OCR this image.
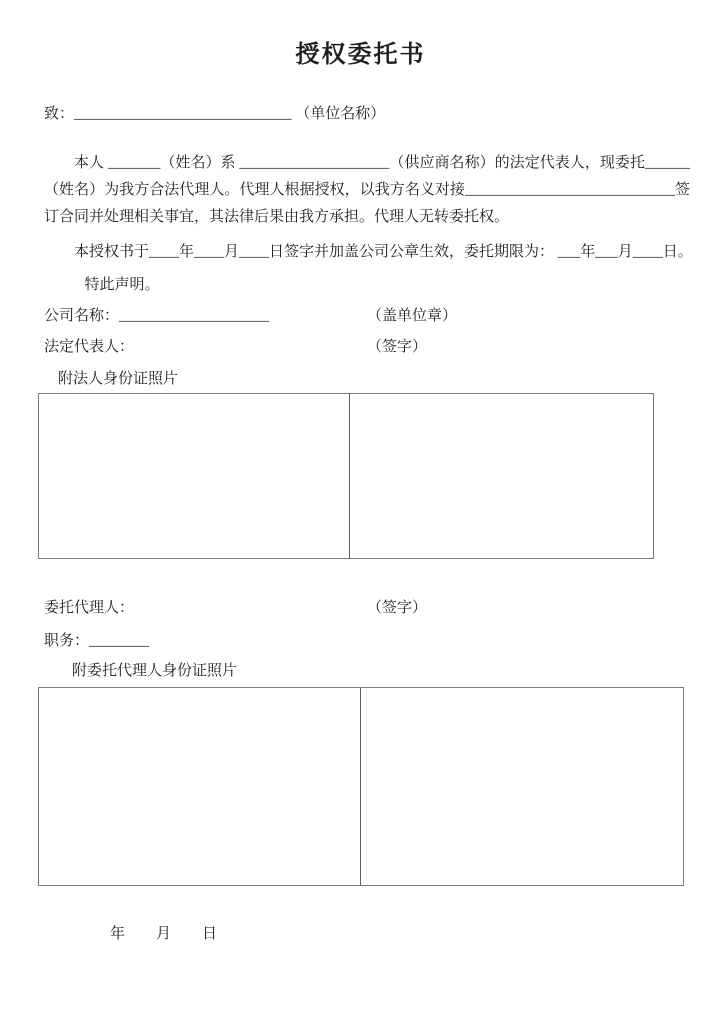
授权委托书

致：_____________________________ （单位名称）

本人 _______（姓名）系 ____________________（供应商名称）的法定代表人，现委托______（姓名）为我方合法代理人。代理人根据授权，以我方名义对接____________________________签订合同并处理相关事宜，其法律后果由我方承担。代理人无转委托权。

本授权书于____年____月____日签字并加盖公司公章生效，委托期限为： ___年___月____日。

特此声明。

公司名称：____________________	（盖单位章）

法定代表人：	（签字）

附法人身份证照片

委托代理人：	（签字）

职务：________

附委托代理人身份证照片

年 月 日
